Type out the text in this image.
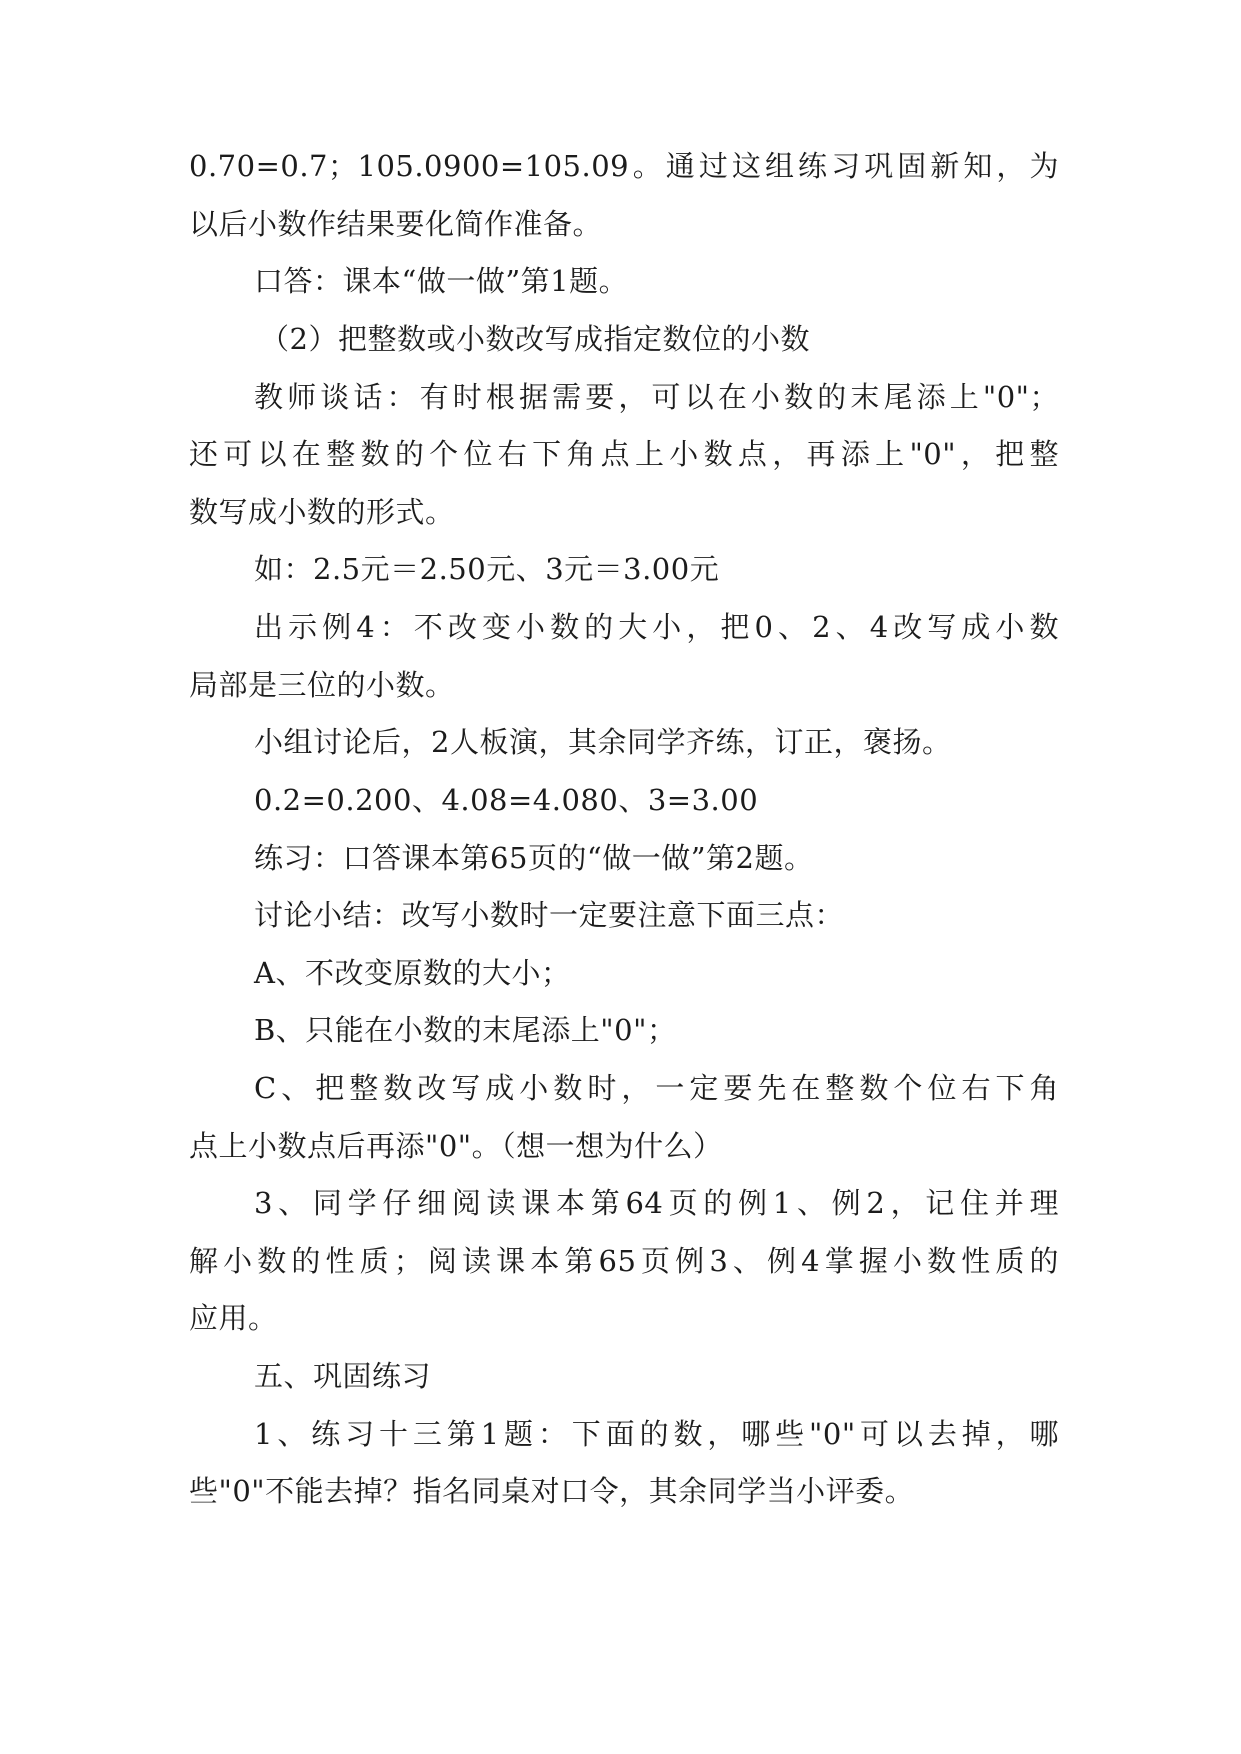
0.70=0.7；105.0900=105.09。通过这组练习巩固新知，为
以后小数作结果要化简作准备。
口答：课本“做一做”第1题。
（2）把整数或小数改写成指定数位的小数
教师谈话：有时根据需要，可以在小数的末尾添上"0"；
还可以在整数的个位右下角点上小数点，再添上"0"，把整
数写成小数的形式。
如：2.5元＝2.50元、3元＝3.00元
出示例4：不改变小数的大小，把0、2、4改写成小数
局部是三位的小数。
小组讨论后，2人板演，其余同学齐练，订正，褒扬。
0.2=0.200、4.08=4.080、3=3.00
练习：口答课本第65页的“做一做”第2题。
讨论小结：改写小数时一定要注意下面三点：
A、不改变原数的大小；
B、只能在小数的末尾添上"0"；
C、把整数改写成小数时，一定要先在整数个位右下角
点上小数点后再添"0"。（想一想为什么）
3、同学仔细阅读课本第64页的例1、例2，记住并理
解小数的性质；阅读课本第65页例3、例4掌握小数性质的
应用。
五、巩固练习
1、练习十三第1题：下面的数，哪些"0"可以去掉，哪
些"0"不能去掉？指名同桌对口令，其余同学当小评委。
